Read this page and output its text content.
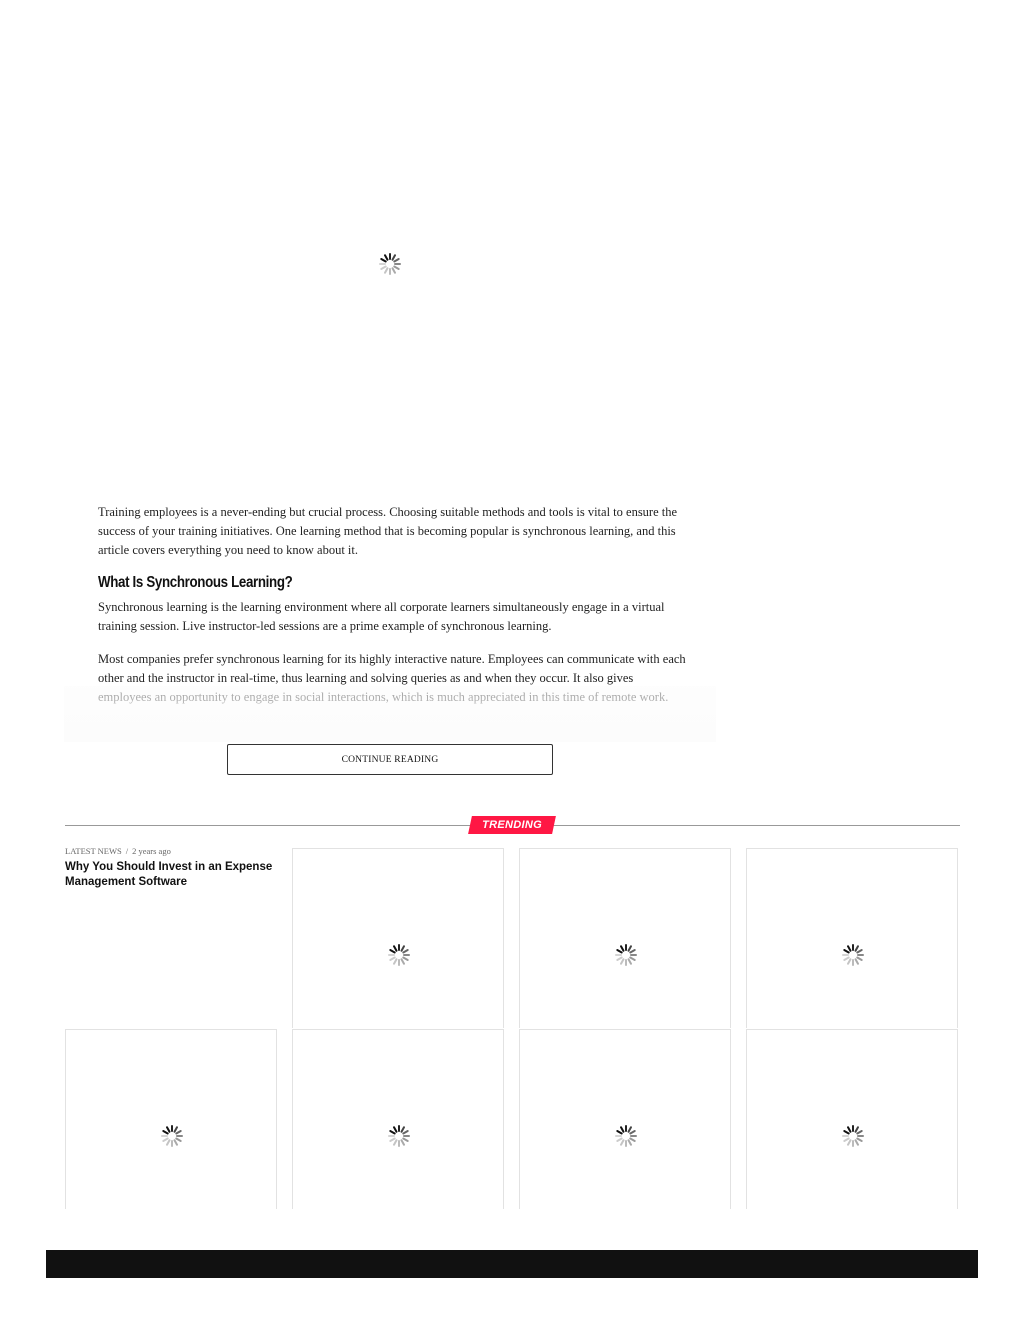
Training employees is a never-ending but crucial process. Choosing suitable methods and tools is vital to ensure the success of your training initiatives. One learning method that is becoming popular is synchronous learning, and this article covers everything you need to know about it.

What Is Synchronous Learning?

Synchronous learning is the learning environment where all corporate learners simultaneously engage in a virtual training session. Live instructor-led sessions are a prime example of synchronous learning.

Most companies prefer synchronous learning for its highly interactive nature. Employees can communicate with each other and the instructor in real-time, thus learning and solving queries as and when they occur. It also gives

CONTINUE READING
TRENDING
LATEST NEWS / 2 years ago
Why You Should Invest in an Expense Management Software
